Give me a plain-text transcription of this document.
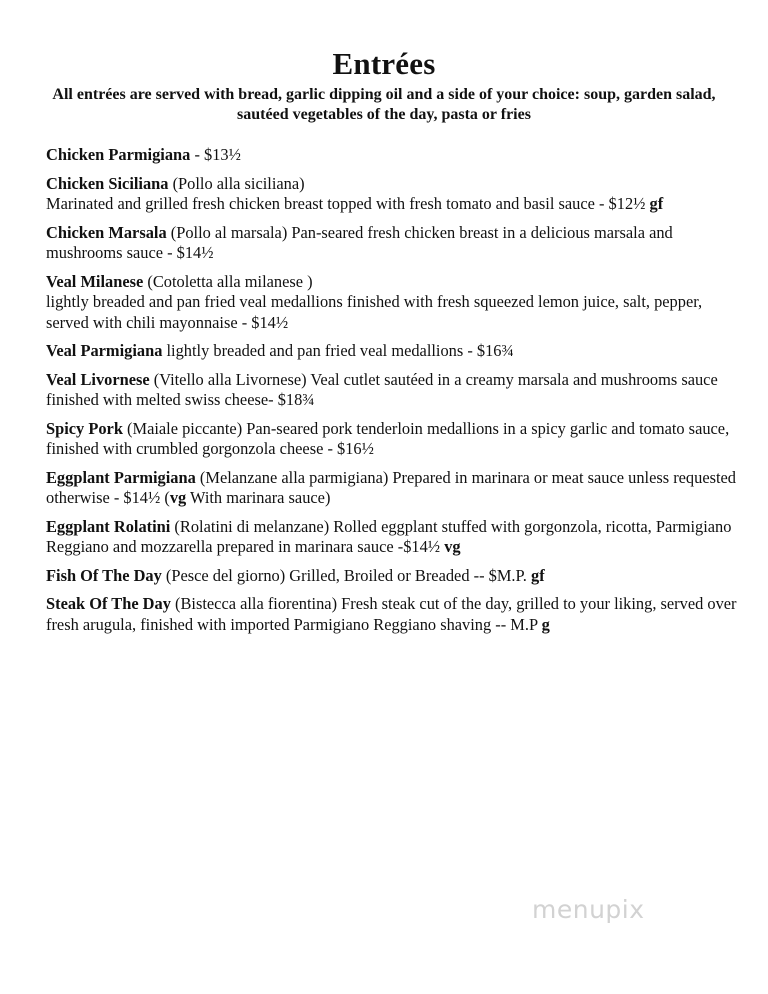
Entrées
All entrées are served with bread, garlic dipping oil and a side of your choice: soup, garden salad, sautéed vegetables of the day, pasta or fries
Chicken Parmigiana - $13½
Chicken Siciliana (Pollo alla siciliana)
Marinated and grilled fresh chicken breast topped with fresh tomato and basil sauce - $12½ gf
Chicken Marsala (Pollo al marsala) Pan-seared fresh chicken breast in a delicious marsala and mushrooms sauce - $14½
Veal Milanese (Cotoletta alla milanese )
lightly breaded and pan fried veal medallions finished with fresh squeezed lemon juice, salt, pepper, served with chili mayonnaise - $14½
Veal Parmigiana lightly breaded and pan fried veal medallions - $16¾
Veal Livornese (Vitello alla Livornese) Veal cutlet sautéed in a creamy marsala and mushrooms sauce finished with melted swiss cheese- $18¾
Spicy Pork (Maiale piccante) Pan-seared pork tenderloin medallions in a spicy garlic and tomato sauce, finished with crumbled gorgonzola cheese - $16½
Eggplant Parmigiana (Melanzane alla parmigiana) Prepared in marinara or meat sauce unless requested otherwise - $14½ (vg With marinara sauce)
Eggplant Rolatini (Rolatini di melanzane) Rolled eggplant stuffed with gorgonzola, ricotta, Parmigiano Reggiano and mozzarella prepared in marinara sauce -$14½ vg
Fish Of The Day (Pesce del giorno) Grilled, Broiled or Breaded -- $M.P. gf
Steak Of The Day (Bistecca alla fiorentina) Fresh steak cut of the day, grilled to your liking, served over fresh arugula, finished with imported Parmigiano Reggiano shaving -- M.P g
menupix
